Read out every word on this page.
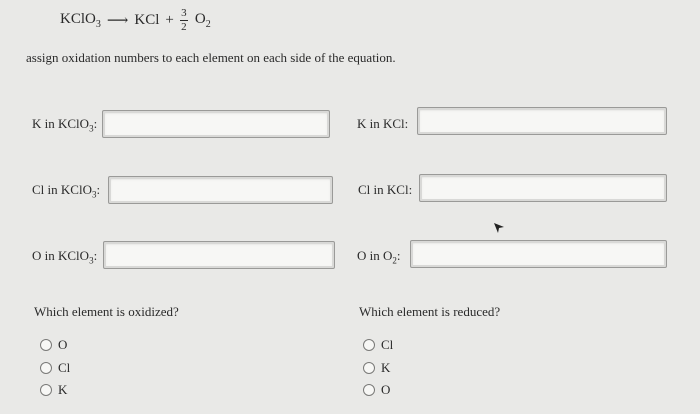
KClO$_3$ ⟶ KCl + $\frac{3}{2} O_2$
assign oxidation numbers to each element on each side of the equation.
K in KClO$_3$:	K in KCl:
Cl in KClO$_3$:	Cl in KCl:
O in KClO$_3$:	O in $O_2$:
Which element is oxidized?
O
Cl
K
Which element is reduced?
Cl
K
O
